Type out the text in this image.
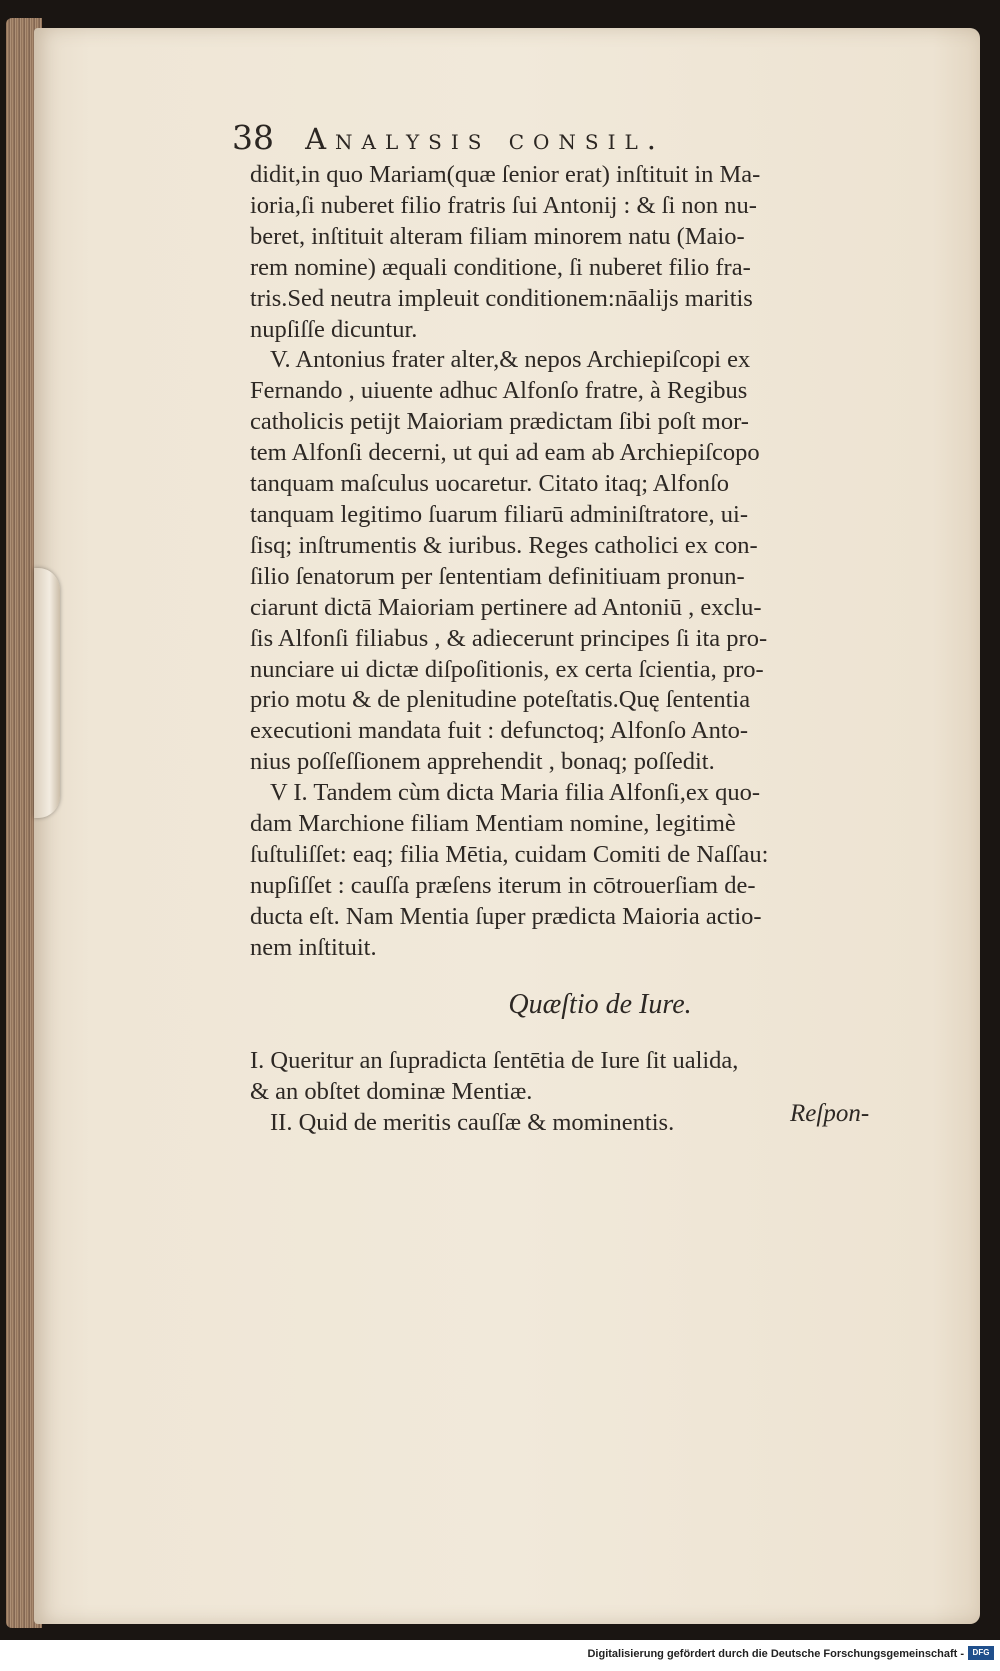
38 Analysis consil.

didit,in quo Mariam(quæ ſenior erat) inſtituit in Ma-

ioria,ſi nuberet filio fratris ſui Antonij : & ſi non nu-

beret, inſtituit alteram filiam minorem natu (Maio-

rem nomine) æquali conditione, ſi nuberet filio fra-

tris.Sed neutra impleuit conditionem:nāalijs maritis

nupſiſſe dicuntur.

V. Antonius frater alter,& nepos Archiepiſcopi ex

Fernando , uiuente adhuc Alfonſo fratre, à Regibus

catholicis petijt Maioriam prædictam ſibi poſt mor-

tem Alfonſi decerni, ut qui ad eam ab Archiepiſcopo

tanquam maſculus uocaretur. Citato itaq; Alfonſo

tanquam legitimo ſuarum filiarū adminiſtratore, ui-

ſisq; inſtrumentis & iuribus. Reges catholici ex con-

ſilio ſenatorum per ſententiam definitiuam pronun-

ciarunt dictā Maioriam pertinere ad Antoniū , exclu-

ſis Alfonſi filiabus , & adiecerunt principes ſi ita pro-

nunciare ui dictæ diſpoſitionis, ex certa ſcientia, pro-

prio motu & de plenitudine poteſtatis.Quę ſententia

executioni mandata fuit : defunctoq; Alfonſo Anto-

nius poſſeſſionem apprehendit , bonaq; poſſedit.

V I. Tandem cùm dicta Maria filia Alfonſi,ex quo-

dam Marchione filiam Mentiam nomine, legitimè

ſuſtuliſſet: eaq; filia Mētia, cuidam Comiti de Naſſau:

nupſiſſet : cauſſa præſens iterum in cōtrouerſiam de-

ducta eſt. Nam Mentia ſuper prædicta Maioria actio-

nem inſtituit.

Quæſtio de Iure.

I. Queritur an ſupradicta ſentētia de Iure ſit ualida,

& an obſtet dominæ Mentiæ.

II. Quid de meritis cauſſæ & mominentis.	Reſpon-
Digitalisierung gefördert durch die Deutsche Forschungsgemeinschaft -	DFG
